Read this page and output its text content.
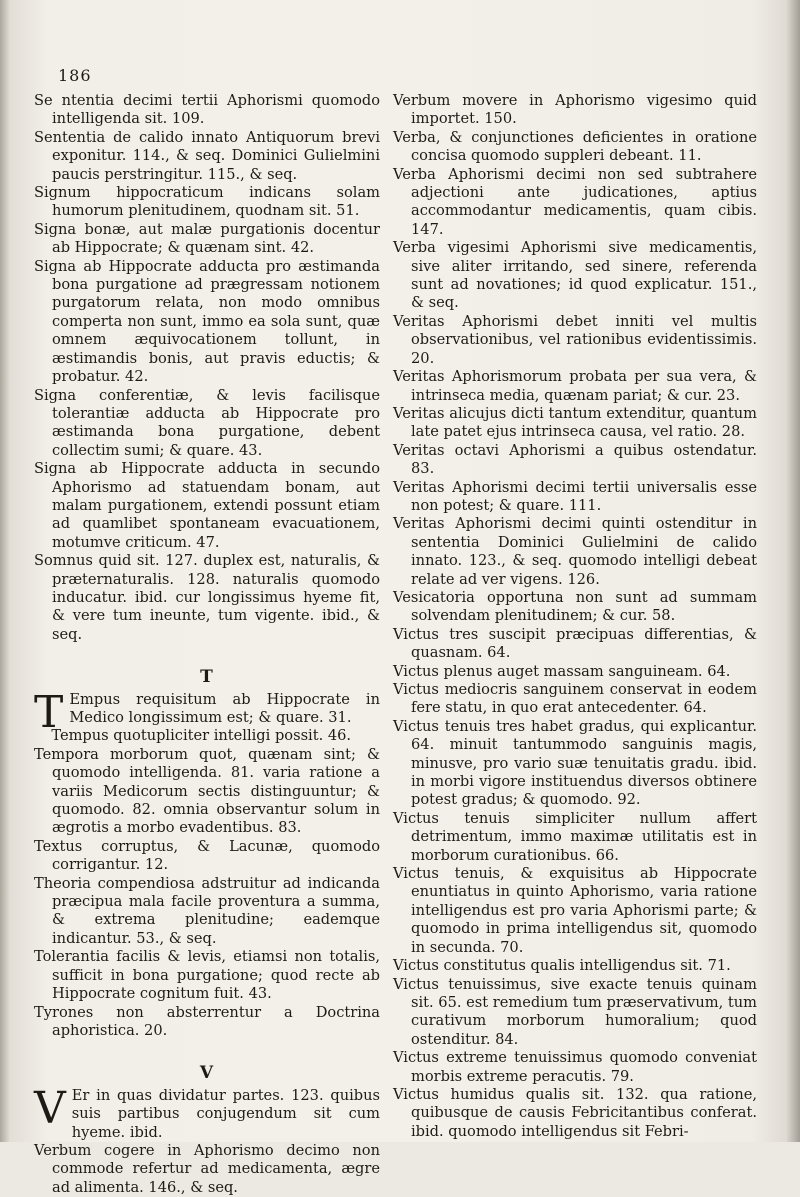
186
Se ntentia decimi tertii Aphorismi quomodo intelligenda sit. 109.
Sententia de calido innato Antiquorum brevi exponitur. 114., & seq. Dominici Gulielmini paucis perstringitur. 115., & seq.
Signum hippocraticum indicans solam humorum plenitudinem, quodnam sit. 51.
Signa bonæ, aut malæ purgationis docentur ab Hippocrate; & quænam sint. 42.
Signa ab Hippocrate adducta pro æstimanda bona purgatione ad prægressam notionem purgatorum relata, non modo omnibus comperta non sunt, immo ea sola sunt, quæ omnem æquivocationem tollunt, in æstimandis bonis, aut pravis eductis; & probatur. 42.
Signa conferentiæ, & levis facilisque tolerantiæ adducta ab Hippocrate pro æstimanda bona purgatione, debent collectim sumi; & quare. 43.
Signa ab Hippocrate adducta in secundo Aphorismo ad statuendam bonam, aut malam purgationem, extendi possunt etiam ad quamlibet spontaneam evacuationem, motumve criticum. 47.
Somnus quid sit. 127. duplex est, naturalis, & præternaturalis. 128. naturalis quomodo inducatur. ibid. cur longissimus hyeme fit, & vere tum ineunte, tum vigente. ibid., & seq.
T
T Empus requisitum ab Hippocrate in Medico longissimum est; & quare. 31.
Tempus quotupliciter intelligi possit. 46.
Tempora morborum quot, quænam sint; & quomodo intelligenda. 81. varia ratione a variis Medicorum sectis distinguuntur; & quomodo. 82. omnia observantur solum in ægrotis a morbo evadentibus. 83.
Textus corruptus, & Lacunæ, quomodo corrigantur. 12.
Theoria compendiosa adstruitur ad indicanda præcipua mala facile proventura a summa, & extrema plenitudine; eademque indicantur. 53., & seq.
Tolerantia facilis & levis, etiamsi non totalis, sufficit in bona purgatione; quod recte ab Hippocrate cognitum fuit. 43.
Tyrones non absterrentur a Doctrina aphoristica. 20.
V
V Er in quas dividatur partes. 123. quibus suis partibus conjugendum sit cum hyeme. ibid.
Verbum cogere in Aphorismo decimo non commode refertur ad medicamenta, ægre ad alimenta. 146., & seq.
Verbum movere in Aphorismo vigesimo quid importet. 150.
Verba, & conjunctiones deficientes in oratione concisa quomodo suppleri debeant. 11.
Verba Aphorismi decimi non sed subtrahere adjectioni ante judicationes, aptius accommodantur medicamentis, quam cibis. 147.
Verba vigesimi Aphorismi sive medicamentis, sive aliter irritando, sed sinere, referenda sunt ad novationes; id quod explicatur. 151., & seq.
Veritas Aphorismi debet inniti vel multis observationibus, vel rationibus evidentissimis. 20.
Veritas Aphorismorum probata per sua vera, & intrinseca media, quænam pariat; & cur. 23.
Veritas alicujus dicti tantum extenditur, quantum late patet ejus intrinseca causa, vel ratio. 28.
Veritas octavi Aphorismi a quibus ostendatur. 83.
Veritas Aphorismi decimi tertii universalis esse non potest; & quare. 111.
Veritas Aphorismi decimi quinti ostenditur in sententia Dominici Gulielmini de calido innato. 123., & seq. quomodo intelligi debeat relate ad ver vigens. 126.
Vesicatoria opportuna non sunt ad summam solvendam plenitudinem; & cur. 58.
Victus tres suscipit præcipuas differentias, & quasnam. 64.
Victus plenus auget massam sanguineam. 64.
Victus mediocris sanguinem conservat in eodem fere statu, in quo erat antecedenter. 64.
Victus tenuis tres habet gradus, qui explicantur. 64. minuit tantummodo sanguinis magis, minusve, pro vario suæ tenuitatis gradu. ibid. in morbi vigore instituendus diversos obtinere potest gradus; & quomodo. 92.
Victus tenuis simpliciter nullum affert detrimentum, immo maximæ utilitatis est in morborum curationibus. 66.
Victus tenuis, & exquisitus ab Hippocrate enuntiatus in quinto Aphorismo, varia ratione intelligendus est pro varia Aphorismi parte; & quomodo in prima intelligendus sit, quomodo in secunda. 70.
Victus constitutus qualis intelligendus sit. 71.
Victus tenuissimus, sive exacte tenuis quinam sit. 65. est remedium tum præservativum, tum curativum morborum humoralium; quod ostenditur. 84.
Victus extreme tenuissimus quomodo conveniat morbis extreme peracutis. 79.
Victus humidus qualis sit. 132. qua ratione, quibusque de causis Febricitantibus conferat. ibid. quomodo intelligendus sit Febri-
